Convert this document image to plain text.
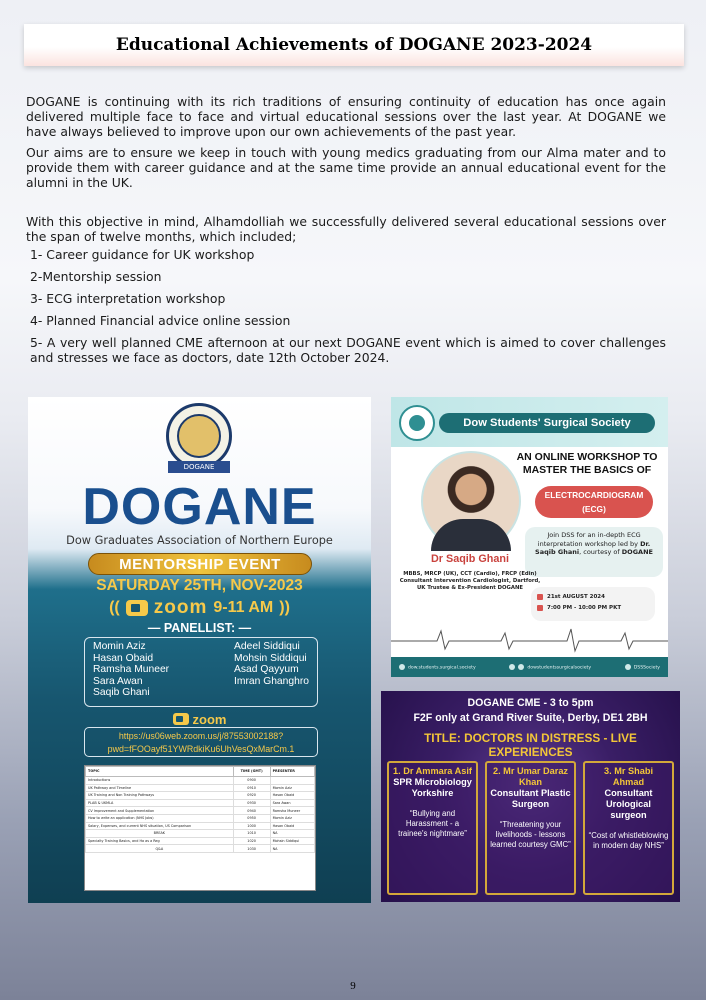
Educational Achievements of DOGANE 2023-2024

DOGANE is continuing with its rich traditions of ensuring continuity of education has once again delivered multiple face to face and virtual educational sessions over the last year. At DOGANE we have always believed to improve upon our own achievements of the past year.

Our aims are to ensure we keep in touch with young medics graduating from our Alma mater and to provide them with career guidance and at the same time provide an annual educational event for the alumni in the UK.

With this objective in mind, Alhamdolliah we successfully delivered several educational sessions over the span of twelve months, which included;

1- Career guidance for UK workshop
2-Mentorship session
3- ECG interpretation workshop
4- Planned Financial advice online session
5- A very well planned CME afternoon at our next DOGANE event which is aimed to cover challenges and stresses we face as doctors, date 12th October 2024.
DOGANE
DOGANE
Dow Graduates Association of Northern Europe
MENTORSHIP EVENT
SATURDAY 25TH, NOV-2023
(( zoom 9-11 AM ))
— PANELLIST: —
Momin Aziz
Hasan Obaid
Ramsha Muneer
Sara Awan
Saqib Ghani
Adeel Siddiqui
Mohsin Siddiqui
Asad Qayyum
Imran Ghanghro
zoom
https://us06web.zoom.us/j/87553002188?pwd=fFOOayf51YWRdkiKu6UhVesQxMarCm.1
TOPIC	TIME (GMT)	PRESENTER
Introductions	0900	
UK Pathway and Timeline	0910	Momin Aziz
UK Training and Non Training Pathways	0920	Hasan Obaid
PLAB & UKMLA	0930	Sara Awan
CV Improvement and Supplementation	0940	Ramsha Muneer
How to write an application (NHS Jobs)	0950	Momin Aziz
Salary, Expenses, and current NHS situation, US Comparison	1000	Hasan Obaid
BREAK	1010	NA
Specialty Training Basics, and Ha as a Reg	1020	Mohsin Siddiqui
Q&A	1030	NA
Dow Students' Surgical Society
AN ONLINE WORKSHOP TO MASTER THE BASICS OF
ELECTROCARDIOGRAM
(ECG)
Join DSS for an in-depth ECG interpretation workshop led by Dr. Saqib Ghani, courtesy of DOGANE
Dr Saqib Ghani
MBBS, MRCP (UK), CCT (Cardio), FRCP (Edin) Consultant Intervention Cardiologist, Dartford, UK Trustee & Ex-President DOGANE
21st AUGUST 2024
7:00 PM - 10:00 PM PKT
dow.students.surgical.society	dowstudentssurgicalsociety	DSSSociety
DOGANE CME - 3 to 5pm
F2F only at Grand River Suite, Derby, DE1 2BH
TITLE: DOCTORS IN DISTRESS - LIVE EXPERIENCES
1. Dr Ammara Asif
SPR Microbiology Yorkshire
“Bullying and Harassment - a trainee's nightmare”
2. Mr Umar Daraz Khan
Consultant Plastic Surgeon
“Threatening your livelihoods - lessons learned courtesy GMC”
3. Mr Shabi Ahmad
Consultant Urological surgeon
“Cost of whistleblowing in modern day NHS”
9
